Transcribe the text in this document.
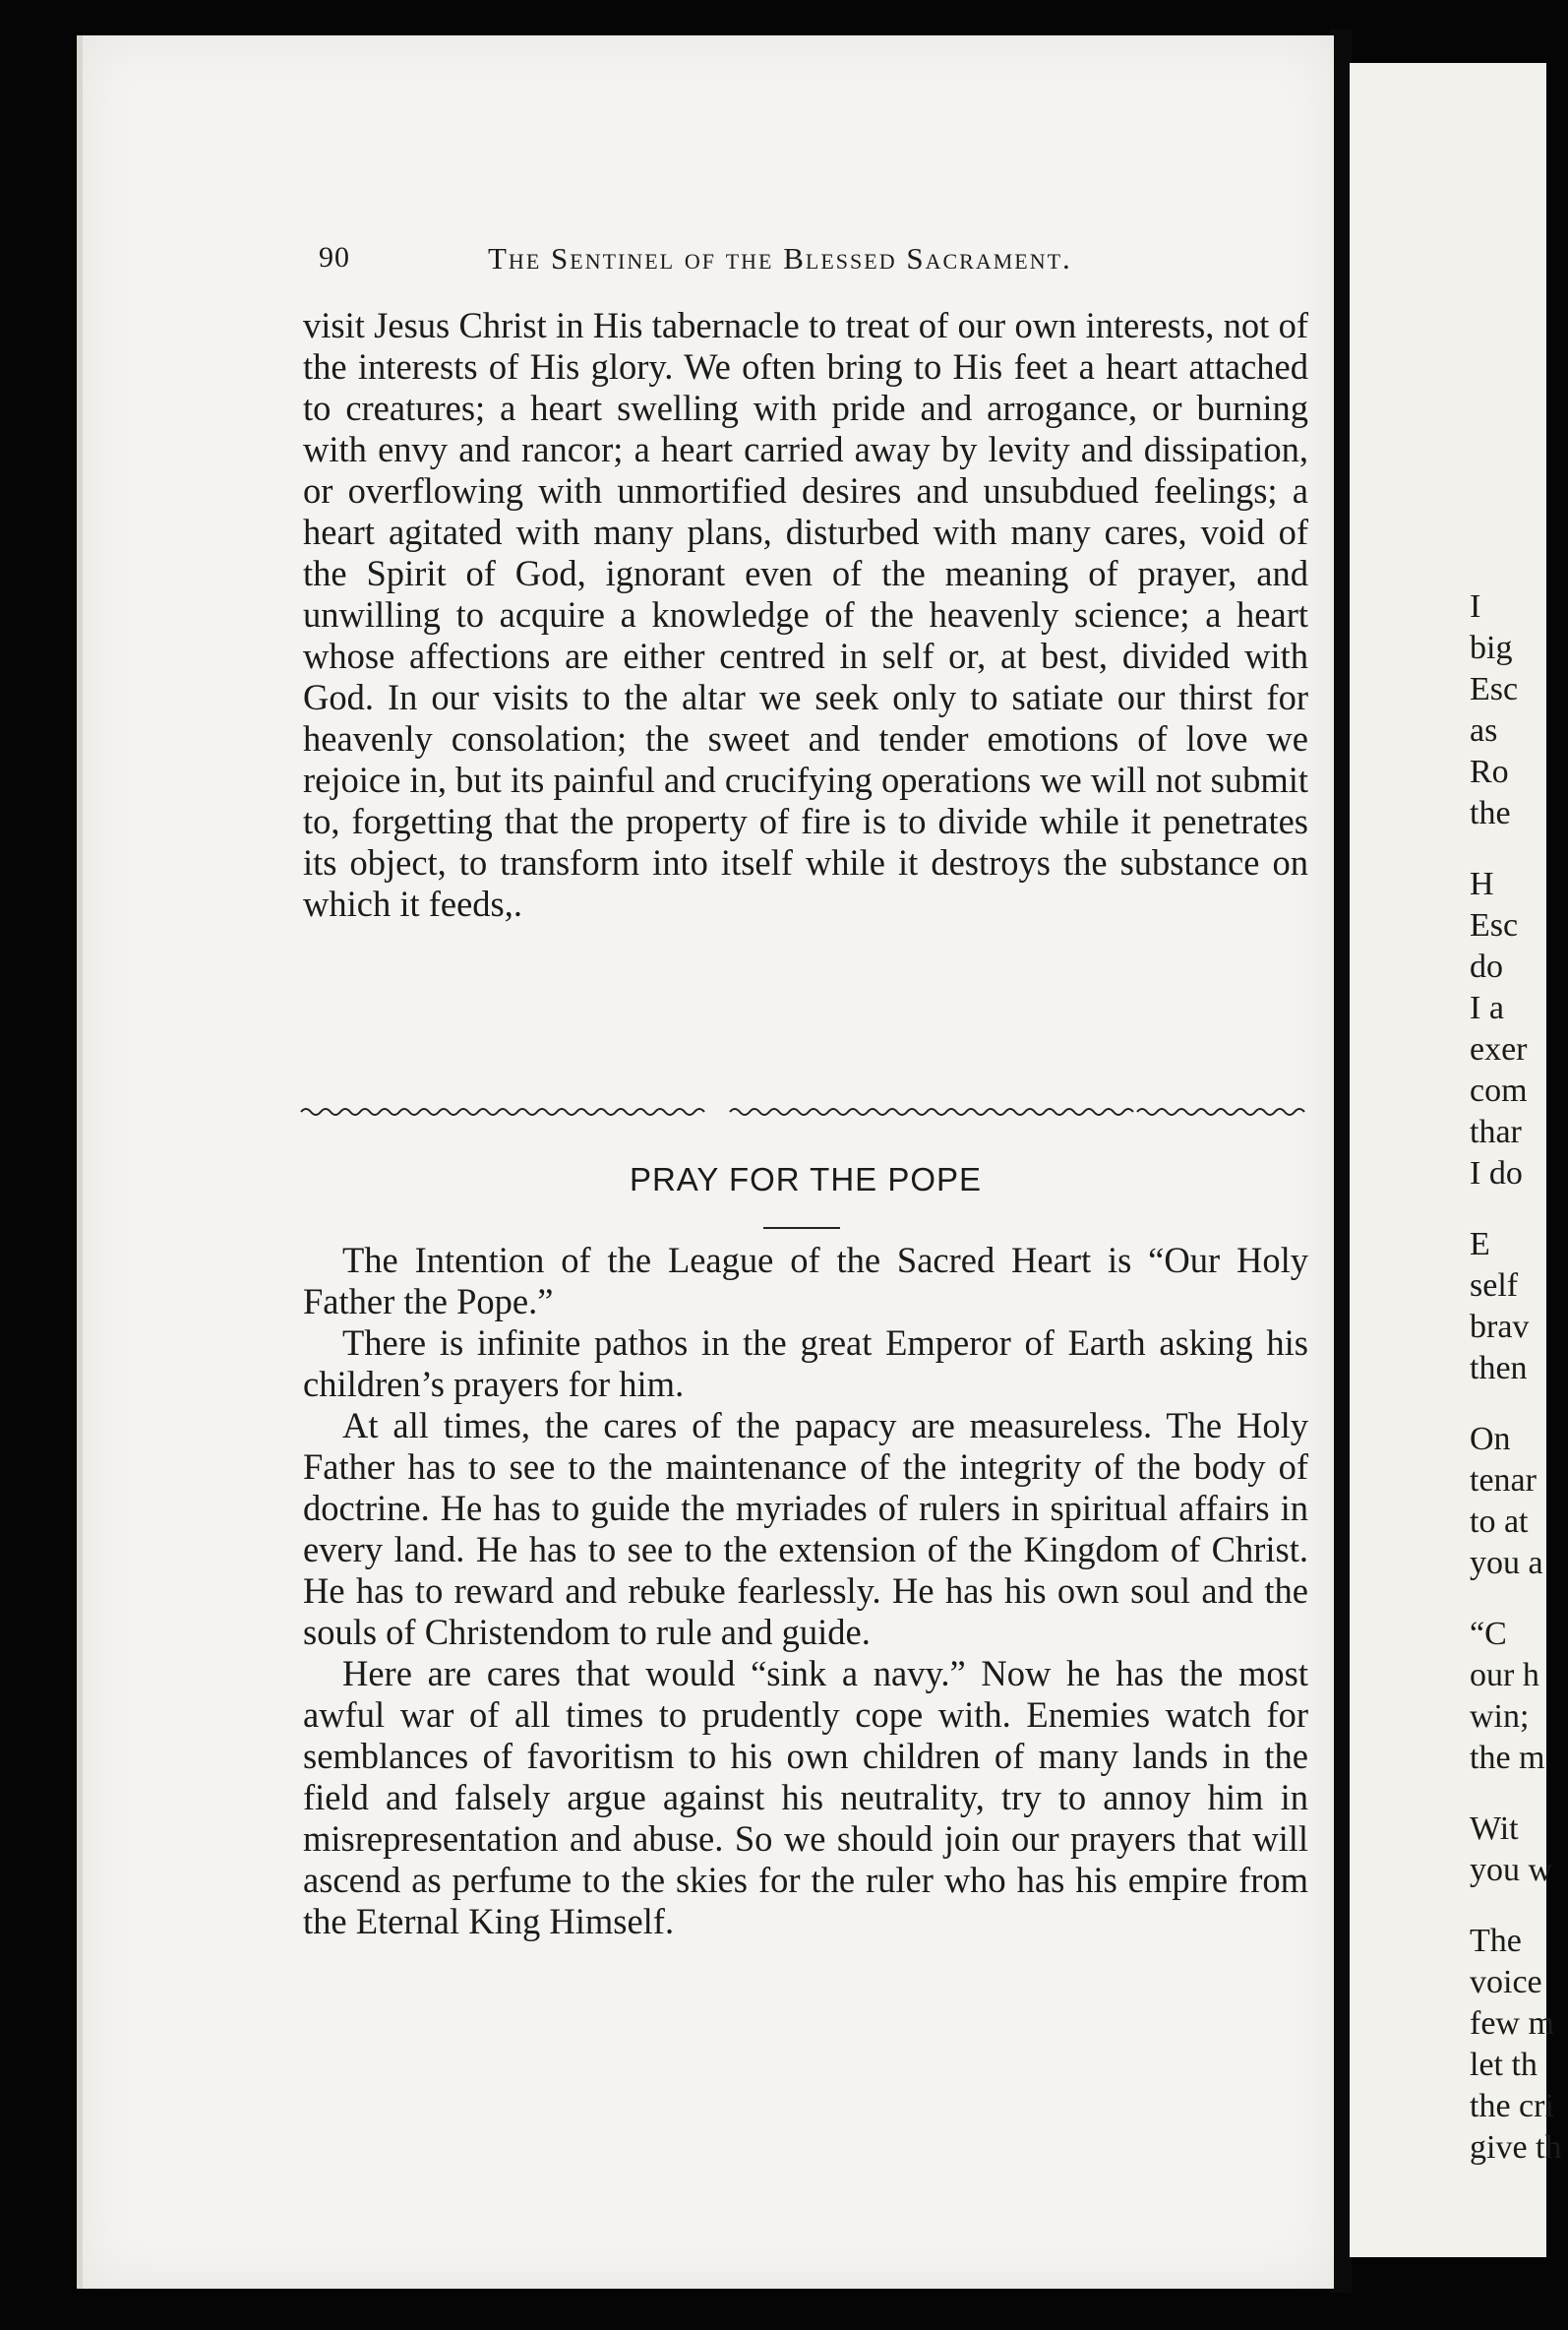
90	The Sentinel of the Blessed Sacrament.

visit Jesus Christ in His tabernacle to treat of our own interests, not of the interests of His glory. We often bring to His feet a heart attached to creatures; a heart swelling with pride and arrogance, or burning with envy and rancor; a heart carried away by levity and dissipation, or overflowing with unmortified desires and unsubdued feelings; a heart agitated with many plans, disturbed with many cares, void of the Spirit of God, ignorant even of the meaning of prayer, and unwilling to acquire a knowledge of the heavenly science; a heart whose affections are either centred in self or, at best, divided with God. In our visits to the altar we seek only to satiate our thirst for heavenly consolation; the sweet and tender emotions of love we rejoice in, but its painful and crucifying operations we will not submit to, forgetting that the property of fire is to divide while it penetrates its object, to transform into itself while it destroys the substance on which it feeds,.

PRAY FOR THE POPE

The Intention of the League of the Sacred Heart is “Our Holy Father the Pope.”

There is infinite pathos in the great Emperor of Earth asking his children’s prayers for him.

At all times, the cares of the papacy are measureless. The Holy Father has to see to the maintenance of the integrity of the body of doctrine. He has to guide the myriades of rulers in spiritual affairs in every land. He has to see to the extension of the Kingdom of Christ. He has to reward and rebuke fearlessly. He has his own soul and the souls of Christendom to rule and guide.

Here are cares that would “sink a navy.” Now he has the most awful war of all times to prudently cope with. Enemies watch for semblances of favoritism to his own children of many lands in the field and falsely argue against his neutrality, try to annoy him in misrepresentation and abuse. So we should join our prayers that will ascend as perfume to the skies for the ruler who has his empire from the Eternal King Himself.

I
big
Esc
as
Ro
the
H
Esc
do
I a
exer
com
thar
I do
E
self
brav
then
On
tenar
to at
you a
“C
our h
win;
the m
Wit
you w
The
voice
few m
let th
the cri
give th
